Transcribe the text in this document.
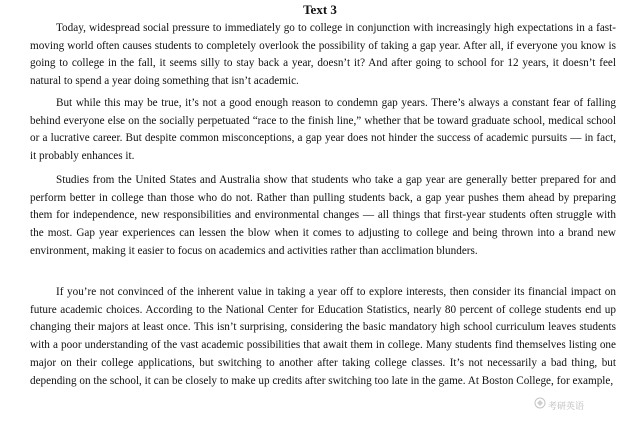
Text 3

Today, widespread social pressure to immediately go to college in conjunction with increasingly high expectations in a fast-moving world often causes students to completely overlook the possibility of taking a gap year. After all, if everyone you know is going to college in the fall, it seems silly to stay back a year, doesn’t it? And after going to school for 12 years, it doesn’t feel natural to spend a year doing something that isn’t academic.

But while this may be true, it’s not a good enough reason to condemn gap years. There’s always a constant fear of falling behind everyone else on the socially perpetuated “race to the finish line,” whether that be toward graduate school, medical school or a lucrative career. But despite common misconceptions, a gap year does not hinder the success of academic pursuits — in fact, it probably enhances it.

Studies from the United States and Australia show that students who take a gap year are generally better prepared for and perform better in college than those who do not. Rather than pulling students back, a gap year pushes them ahead by preparing them for independence, new responsibilities and environmental changes — all things that first-year students often struggle with the most. Gap year experiences can lessen the blow when it comes to adjusting to college and being thrown into a brand new environment, making it easier to focus on academics and activities rather than acclimation blunders.

If you’re not convinced of the inherent value in taking a year off to explore interests, then consider its financial impact on future academic choices. According to the National Center for Education Statistics, nearly 80 percent of college students end up changing their majors at least once. This isn’t surprising, considering the basic mandatory high school curriculum leaves students with a poor understanding of the vast academic possibilities that await them in college. Many students find themselves listing one major on their college applications, but switching to another after taking college classes. It’s not necessarily a bad thing, but depending on the school, it can be closely to make up credits after switching too late in the game. At Boston College, for example,

考研英语
